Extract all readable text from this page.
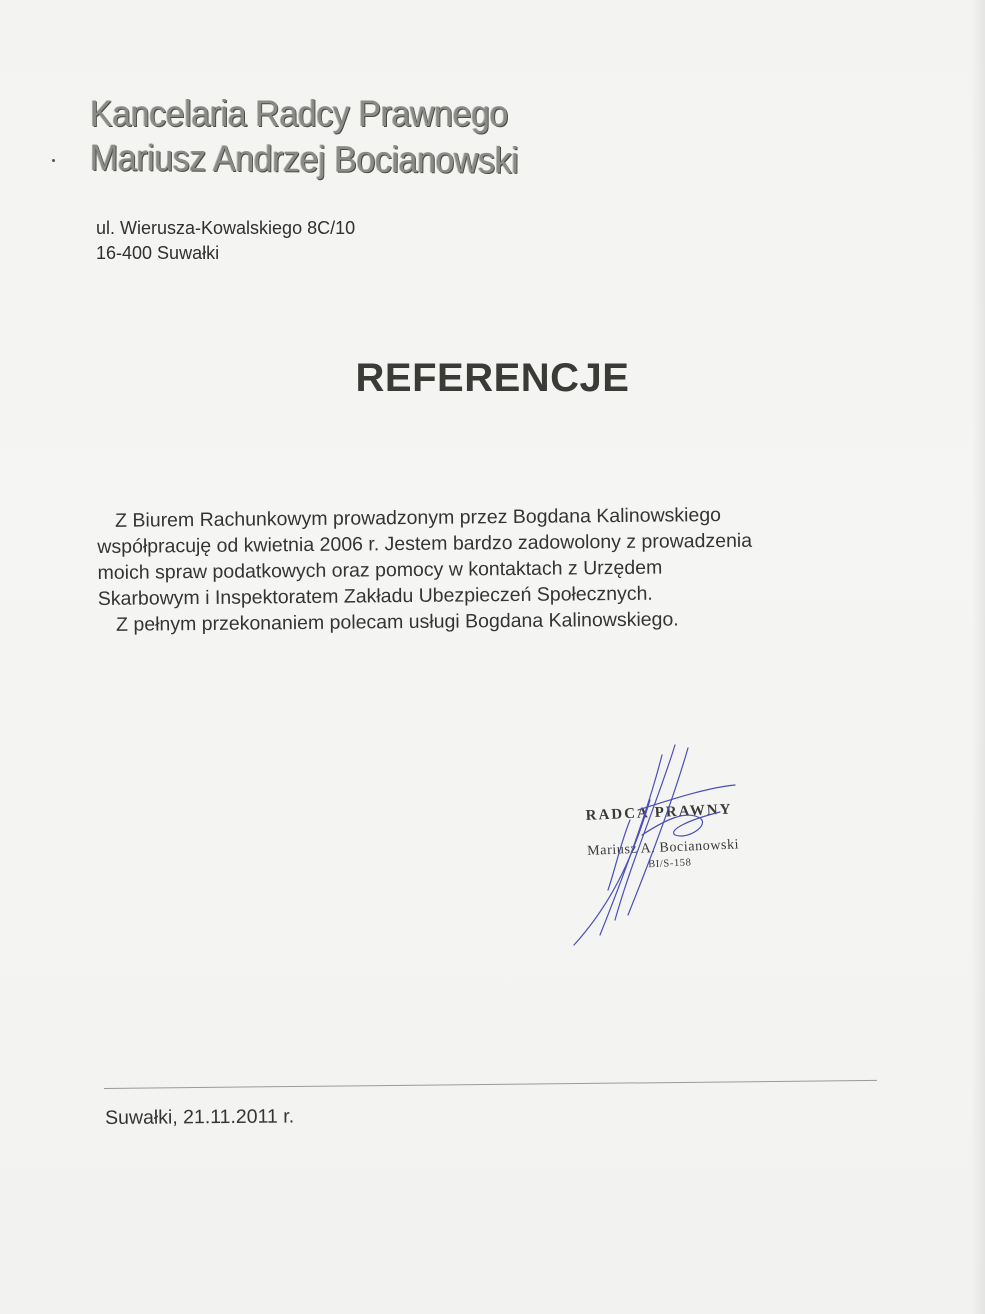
Kancelaria Radcy Prawnego
Mariusz Andrzej Bocianowski
ul. Wierusza-Kowalskiego 8C/10
16-400 Suwałki
REFERENCJE
Z Biurem Rachunkowym prowadzonym przez Bogdana Kalinowskiego
współpracuję od kwietnia 2006 r. Jestem bardzo zadowolony z prowadzenia
moich spraw podatkowych oraz pomocy w kontaktach z Urzędem
Skarbowym i Inspektoratem Zakładu Ubezpieczeń Społecznych.
Z pełnym przekonaniem polecam usługi Bogdana Kalinowskiego.
RADCA PRAWNY
Mariusz A. Bocianowski
BI/S-158
Suwałki, 21.11.2011 r.
